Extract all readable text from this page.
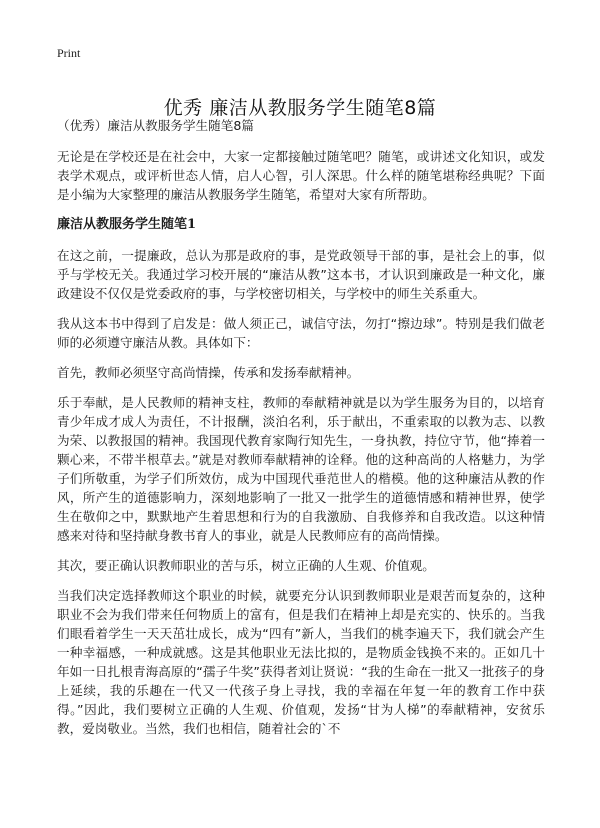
Print
优秀 廉洁从教服务学生随笔8篇

（优秀）廉洁从教服务学生随笔8篇

无论是在学校还是在社会中，大家一定都接触过随笔吧？随笔，或讲述文化知识，或发表学术观点，或评析世态人情，启人心智，引人深思。什么样的随笔堪称经典呢？下面是小编为大家整理的廉洁从教服务学生随笔，希望对大家有所帮助。

廉洁从教服务学生随笔1

在这之前，一提廉政，总认为那是政府的事，是党政领导干部的事，是社会上的事，似乎与学校无关。我通过学习校开展的“廉洁从教”这本书，才认识到廉政是一种文化，廉政建设不仅仅是党委政府的事，与学校密切相关，与学校中的师生关系重大。

我从这本书中得到了启发是：做人须正己，诚信守法，勿打“擦边球”。特别是我们做老师的必须遵守廉洁从教。具体如下：

首先，教师必须坚守高尚情操，传承和发扬奉献精神。

乐于奉献，是人民教师的精神支柱，教师的奉献精神就是以为学生服务为目的，以培育青少年成才成人为责任，不计报酬，淡泊名利，乐于献出，不重索取的以教为志、以教为荣、以教报国的精神。我国现代教育家陶行知先生，一身执教，持位守节，他“捧着一颗心来，不带半根草去。”就是对教师奉献精神的诠释。他的这种高尚的人格魅力，为学子们所敬重，为学子们所效仿，成为中国现代垂范世人的楷模。他的这种廉洁从教的作风，所产生的道德影响力，深刻地影响了一批又一批学生的道德情感和精神世界，使学生在敬仰之中，默默地产生着思想和行为的自我激励、自我修养和自我改造。以这种情感来对待和坚持献身教书育人的事业，就是人民教师应有的高尚情操。

其次，要正确认识教师职业的苦与乐，树立正确的人生观、价值观。

当我们决定选择教师这个职业的时候，就要充分认识到教师职业是艰苦而复杂的，这种职业不会为我们带来任何物质上的富有，但是我们在精神上却是充实的、快乐的。当我们眼看着学生一天天茁壮成长，成为“四有”新人，当我们的桃李遍天下，我们就会产生一种幸福感，一种成就感。这是其他职业无法比拟的，是物质金钱换不来的。正如几十年如一日扎根青海高原的“孺子牛奖”获得者刘让贤说：“我的生命在一批又一批孩子的身上延续，我的乐趣在一代又一代孩子身上寻找，我的幸福在年复一年的教育工作中获得。”因此，我们要树立正确的人生观、价值观，发扬“甘为人梯”的奉献精神，安贫乐教，爱岗敬业。当然，我们也相信，随着社会的`不
